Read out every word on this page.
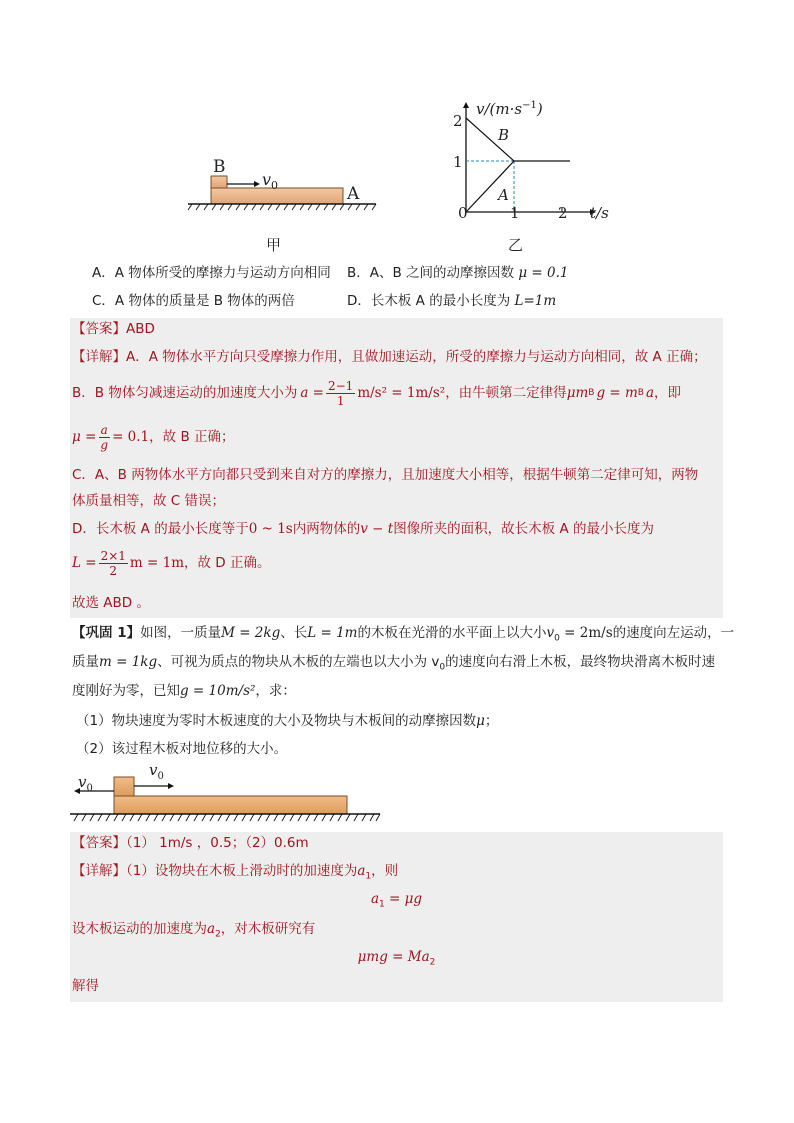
B
A
$v_0$
甲
$v/(m\cdot s^{-1})$
2
1
0	1	2 t/s
B
A
乙
A．A 物体所受的摩擦力与运动方向相同 B．A、B 之间的动摩擦因数 μ = 0.1
C．A 物体的质量是 B 物体的两倍	D．长木板 A 的最小长度为 L=1m
【答案】ABD
【详解】A．A 物体水平方向只受摩擦力作用，且做加速运动，所受的摩擦力与运动方向相同，故 A 正确；
B．B 物体匀减速运动的加速度大小为 $a = \frac{2-1}{1} m/s^2 = 1m/s^2$ ，由牛顿第二定律得 μm B g = m B a ，即
$\mu = \frac{a}{g} = 0.1$ ，故 B 正确；
C．A、B 两物体水平方向都只受到来自对方的摩擦力，且加速度大小相等，根据牛顿第二定律可知，两物
体质量相等，故 C 错误；
D．长木板 A 的最小长度等于0 ~ 1s内两物体的v − t图像所夹的面积，故长木板 A 的最小长度为
$L = \frac{2\times 1}{2}$ m = 1m ，故 D 正确。
故选 ABD 。
【巩固 1】如图，一质量M = 2kg、长L = 1m的木板在光滑的水平面上以大小$v_0 = 2m/s$的速度向左运动，一
质量m = 1kg、可视为质点的物块从木板的左端也以大小为 $v_0$的速度向右滑上木板，最终物块滑离木板时速
度刚好为零，已知g = 10m/s²，求：
（1）物块速度为零时木板速度的大小及物块与木板间的动摩擦因数μ；
（2）该过程木板对地位移的大小。
$v_0$
$v_0$
【答案】（1） 1m/s ，0.5；（2）0.6m
【详解】（1）设物块在木板上滑动时的加速度为$a_1$，则
$a_1 = \mu g$
设木板运动的加速度为$a_2$，对木板研究有
$\mu mg = Ma_2$
解得
